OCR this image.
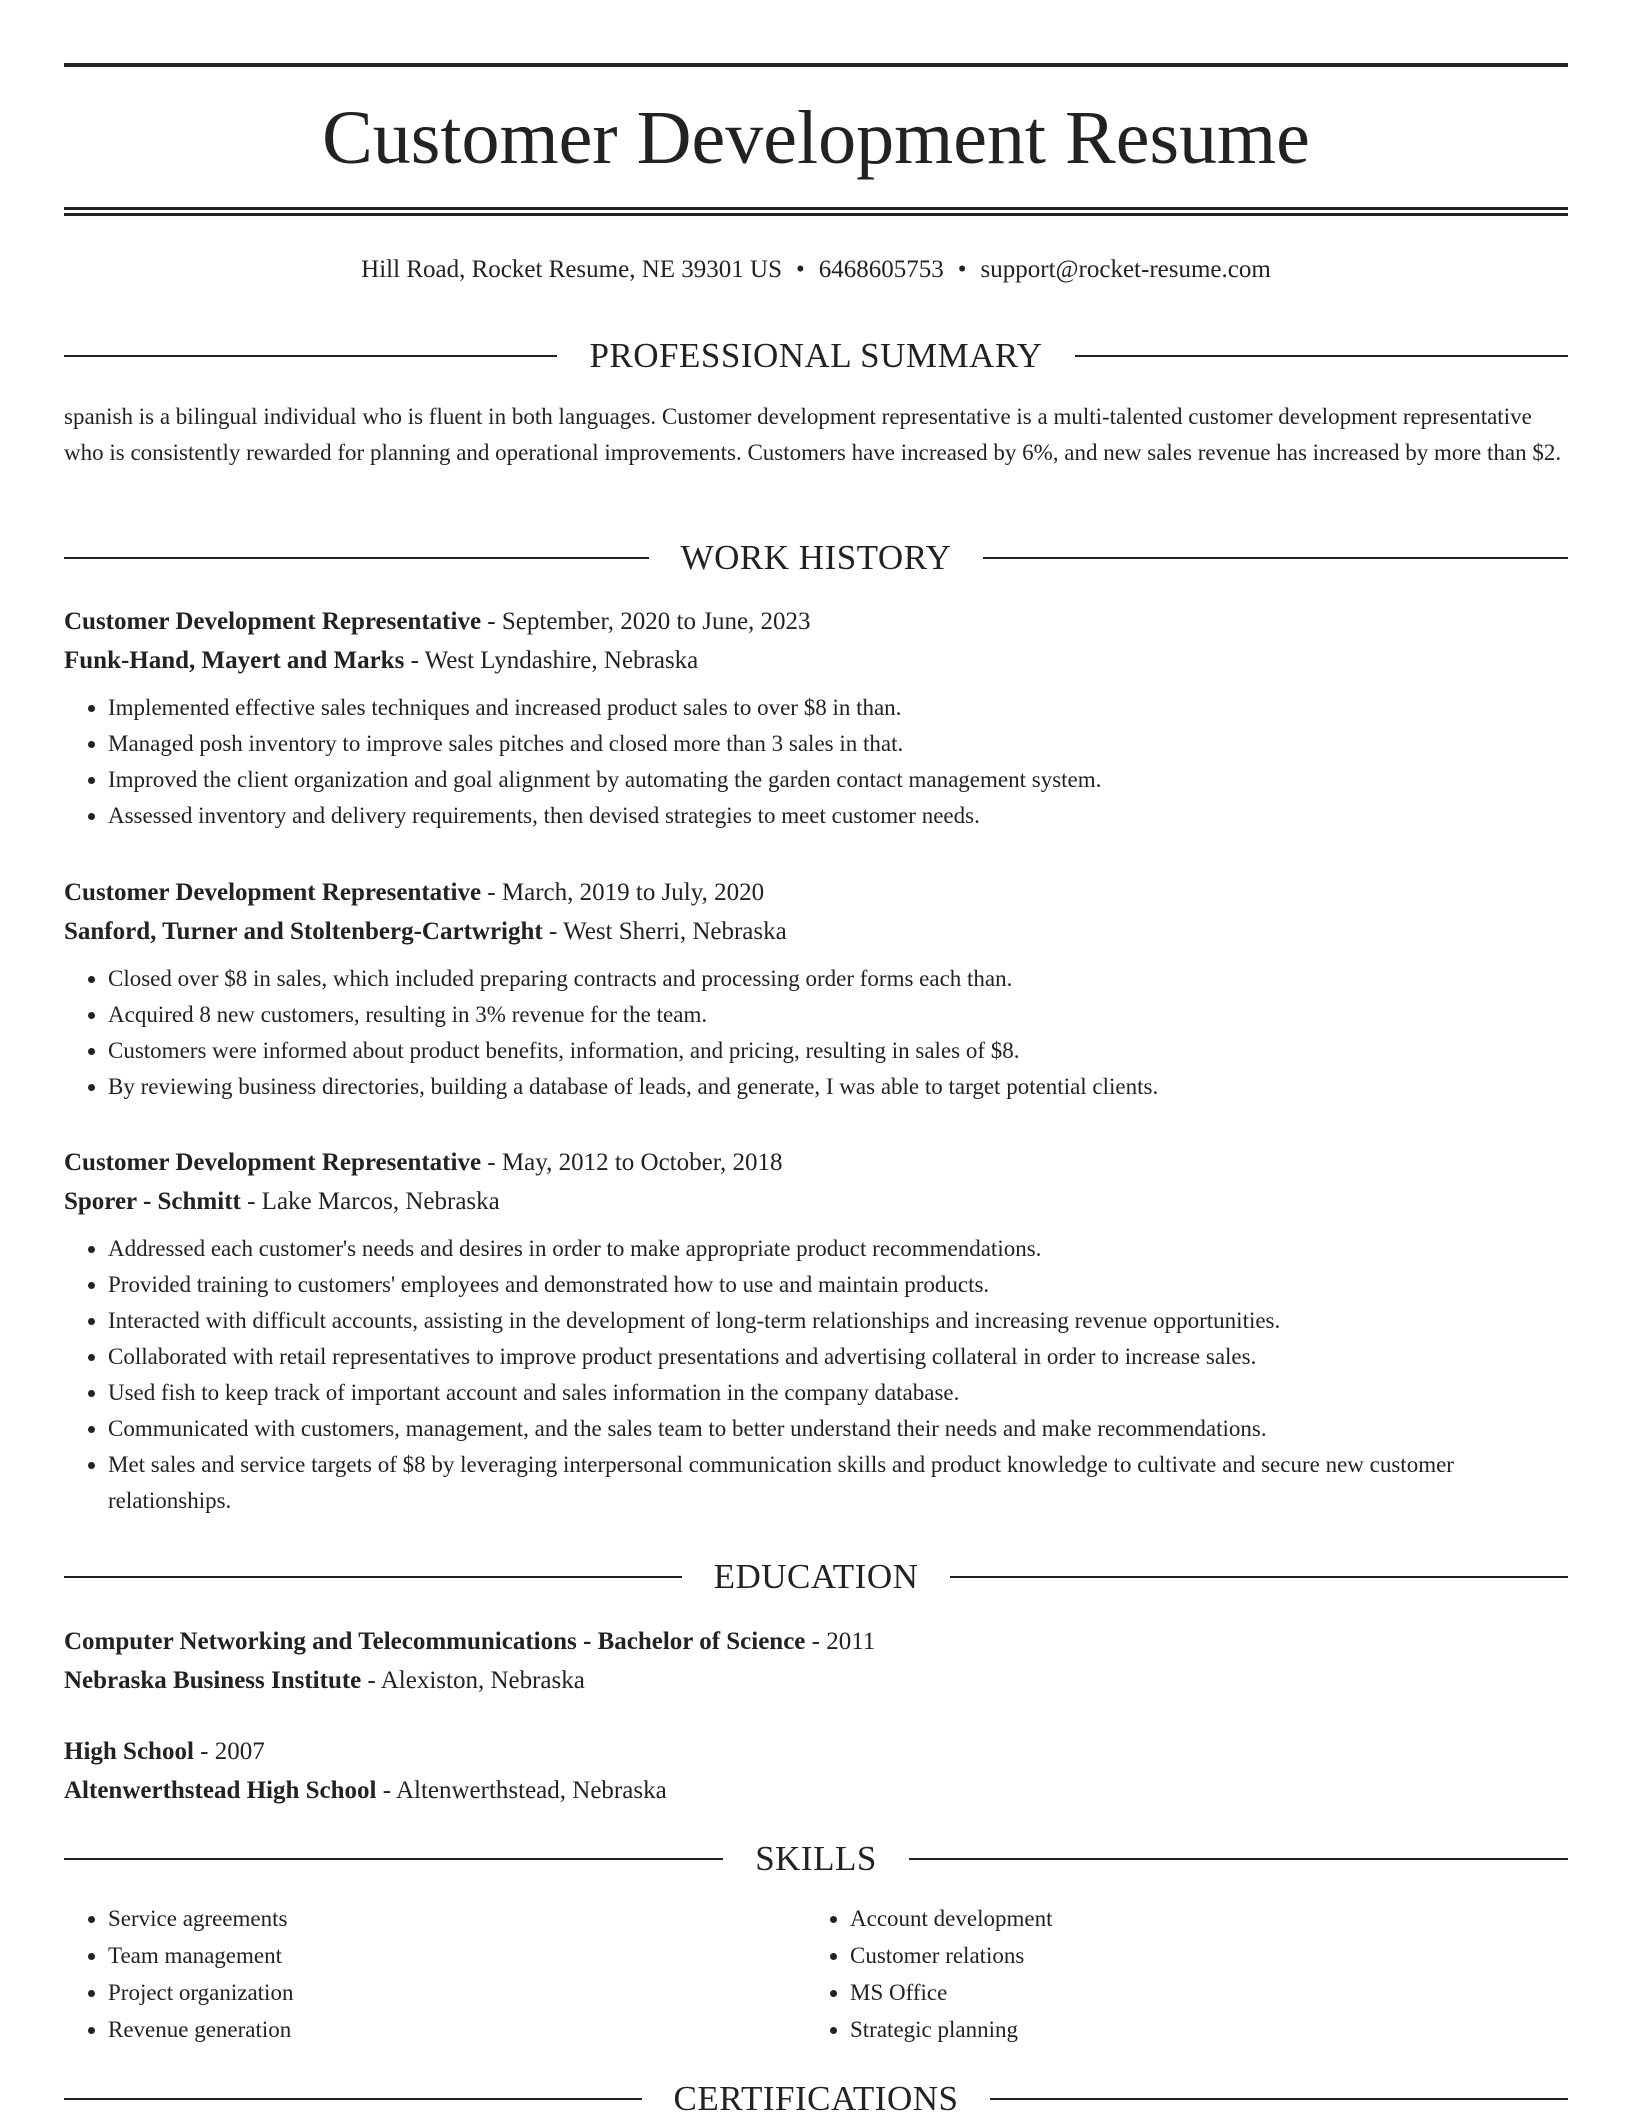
Customer Development Resume
Hill Road, Rocket Resume, NE 39301 US • 6468605753 • support@rocket-resume.com
PROFESSIONAL SUMMARY

spanish is a bilingual individual who is fluent in both languages. Customer development representative is a multi-talented customer development representative who is consistently rewarded for planning and operational improvements. Customers have increased by 6%, and new sales revenue has increased by more than $2.

WORK HISTORY
Customer Development Representative - September, 2020 to June, 2023
Funk-Hand, Mayert and Marks - West Lyndashire, Nebraska
• Implemented effective sales techniques and increased product sales to over $8 in than.
• Managed posh inventory to improve sales pitches and closed more than 3 sales in that.
• Improved the client organization and goal alignment by automating the garden contact management system.
• Assessed inventory and delivery requirements, then devised strategies to meet customer needs.
Customer Development Representative - March, 2019 to July, 2020
Sanford, Turner and Stoltenberg-Cartwright - West Sherri, Nebraska
• Closed over $8 in sales, which included preparing contracts and processing order forms each than.
• Acquired 8 new customers, resulting in 3% revenue for the team.
• Customers were informed about product benefits, information, and pricing, resulting in sales of $8.
• By reviewing business directories, building a database of leads, and generate, I was able to target potential clients.
Customer Development Representative - May, 2012 to October, 2018
Sporer - Schmitt - Lake Marcos, Nebraska
• Addressed each customer's needs and desires in order to make appropriate product recommendations.
• Provided training to customers' employees and demonstrated how to use and maintain products.
• Interacted with difficult accounts, assisting in the development of long-term relationships and increasing revenue opportunities.
• Collaborated with retail representatives to improve product presentations and advertising collateral in order to increase sales.
• Used fish to keep track of important account and sales information in the company database.
• Communicated with customers, management, and the sales team to better understand their needs and make recommendations.
• Met sales and service targets of $8 by leveraging interpersonal communication skills and product knowledge to cultivate and secure new customer relationships.
EDUCATION
Computer Networking and Telecommunications - Bachelor of Science - 2011
Nebraska Business Institute - Alexiston, Nebraska
High School - 2007
Altenwerthstead High School - Altenwerthstead, Nebraska
SKILLS
• Service agreements
• Team management
• Project organization
• Revenue generation
• Account development
• Customer relations
• MS Office
• Strategic planning
CERTIFICATIONS
